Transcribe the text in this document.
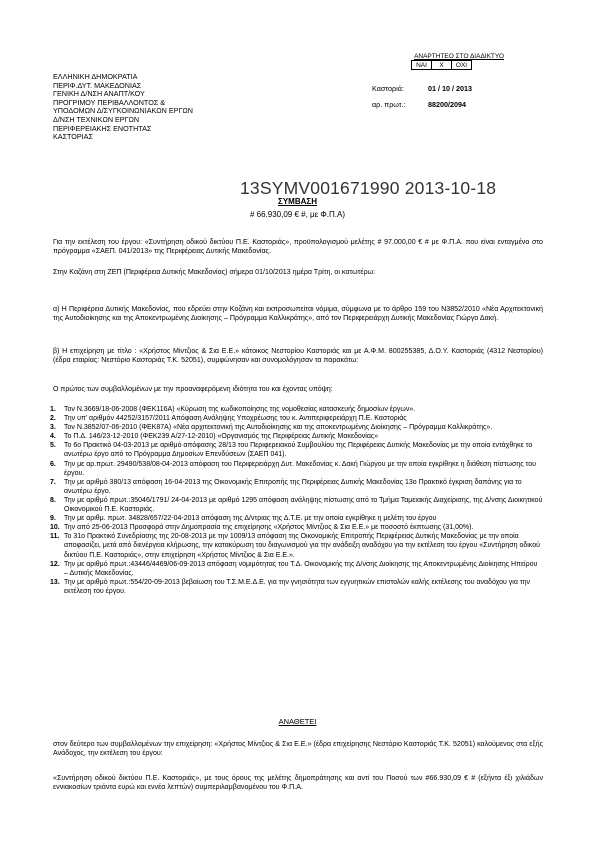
ΑΝΑΡΤΗΤΕΟ ΣΤΟ ΔΙΑΔΙΚΤΥΟ
ΝΑΙ	Χ	ΟΧΙ
ΕΛΛΗΝΙΚΗ ΔΗΜΟΚΡΑΤΙΑ
ΠΕΡΙΦ.ΔΥΤ. ΜΑΚΕΔΟΝΙΑΣ
ΓΕΝΙΚΗ Δ/ΝΣΗ ΑΝΑΠΤ/ΚΟΥ
ΠΡΟΓΡΙΜΟΥ ΠΕΡΙΒΑΛΛΟΝΤΟΣ &
ΥΠΟΔΟΜΩΝ Δ/ΣΥΓΚΟΙΝΩΝΙΑΚΩΝ ΕΡΓΩΝ
Δ/ΝΣΗ ΤΕΧΝΙΚΩΝ ΕΡΓΩΝ
ΠΕΡΙΦΕΡΕΙΑΚΗΣ ΕΝΟΤΗΤΑΣ
ΚΑΣΤΟΡΙΑΣ
Καστοριά:	01 / 10 / 2013
αρ. πρωτ.:	88200/2094
13SYMV001671990 2013-10-18
ΣΥΜΒΑΣΗ
# 66.930,09 € #, με Φ.Π.Α)
Για την εκτέλεση του έργου: «Συντήρηση οδικού δικτύου Π.Ε. Καστοριάς», προϋπολογισμού μελέτης # 97.000,00 € # με Φ.Π.Α. που είναι ενταγμένο στο πρόγραμμα «ΣΑΕΠ. 041/2013» της Περιφέρειας Δυτικής Μακεδονίας.
Στην Καζάνη στη ΖΕΠ (Περιφέρεια Δυτικής Μακεδονίας) σήμερα 01/10/2013 ημέρα Τρίτη, οι κατωτέρω:
α) Η Περιφέρεια Δυτικής Μακεδονίας, που εδρεύει στην Κοζάνη και εκπροσωπείται νόμιμα, σύμφωνα με το άρθρο 159 του Ν3852/2010 «Νέα Αρχιτεκτονική της Αυτοδιοίκησης και της Αποκεντρωμένης Διοίκησης – Πρόγραμμα Καλλικράτης», από τον Περιφερειάρχη Δυτικής Μακεδονίας Γιώργο Δακή.
β) Η επιχείρηση με τίτλο : «Χρήστος Μίντζιος & Σια Ε.Ε.» κάτοικος Νεστορίου Καστοριάς και με Α.Φ.Μ. 800255385, Δ.Ο.Υ. Καστοριάς (4312 Νεστορίου) (έδρα εταιρίας: Νεστόριο Καστοριάς Τ.Κ. 52051), συμφώνησαν και συνομολόγησαν τα παρακάτω:
Ο πρώτος των συμβαλλομένων με την προαναφερόμενη ιδιότητα του και έχοντας υπόψη:
1.	Τον Ν.3669/18-06-2008 (ΦΕΚ116Α) «Κύρωση της κωδικοποίησης της νομοθεσίας κατασκευής δημοσίων έργων».
2.	Την υπ' αριθμόν 44252/3157/2011 Απόφαση Ανάληψης Υποχρέωσης του κ. Αντιπεριφερειάρχη Π.Ε. Καστοριάς
3.	Τον Ν.3852/07-06-2010 (ΦΕΚ87Α) «Νέα αρχιτεκτονική της Αυτοδιοίκησης και της αποκεντρωμένης Διοίκησης – Πρόγραμμα Καλλικράτης».
4.	Το Π.Δ. 146/23-12-2010 (ΦΕΚ239 Α/27-12-2010) «Οργανισμός της Περιφέρειας Δυτικής Μακεδονίας»
5.	Το 6ο Πρακτικό 04-03-2013 με αριθμό απόφασης 28/13 του Περιφερειακού Συμβουλίου της Περιφέρειας Δυτικής Μακεδονίας με την οποία εντάχθηκε το ανωτέρω έργο από το Πρόγραμμα Δημοσίων Επενδύσεων (ΣΑΕΠ 041).
6.	Την με αρ.πρωτ. 29490/538/08-04-2013 απόφαση του Περιφερειάρχη Δυτ. Μακεδονίας κ. Δακή Γιώργου με την οποία εγκρίθηκε η διάθεση πίστωσης του έργου.
7.	Την με αριθμό 380/13 απόφαση 16-04-2013 της Οικονομικής Επιτροπής της Περιφέρειας Δυτικής Μακεδονίας 13ο Πρακτικό έγκριση δαπάνης για το ανωτέρω έργο.
8.	Την με αριθμό πρωτ.:35046/1791/ 24-04-2013 με αριθμό 1295 απόφαση ανάληψης πίστωσης από το Τμήμα Ταμειακής Διαχείρισης, της Δ/νσης Διοικητικού Οικονομικού Π.Ε. Καστοριάς.
9.	Την με αριθμ. πρωτ. 34828/657/22-04-2013 απόφαση της Δ/ντριας της Δ.Τ.Ε. με την οποία εγκρίθηκε η μελέτη του έργου
10. Την από 25-06-2013 Προσφορά στην Δημοπρασία της επιχείρησης «Χρήστος Μίντζιος & Σια Ε.Ε.» με ποσοστό έκπτωσης (31,00%).
11. Το 31ο Πρακτικό Συνεδρίασης της 20-08-2013 με την 1009/13 απόφαση της Οικονομικής Επιτροπής Περιφέρειας Δυτικής Μακεδονίας με την οποία αποφασίζει, μετά από διενέργεια κλήρωσης, την κατακύρωση του διαγωνισμού για την ανάδειξη αναδόχου για την εκτέλεση του έργου «Συντήρηση οδικού δικτύου Π.Ε. Καστοριάς», στην επιχείρηση «Χρήστος Μίντζιος & Σια Ε.Ε.».
12. Την με αριθμό πρωτ.:43446/4469/06-09-2013 απόφαση νομιμότητας του Τ.Δ. Οικονομικής της Δ/νσης Διοίκησης της Αποκεντρωμένης Διοίκησης Ηπείρου – Δυτικής Μακεδονίας.
13. Την με αριθμό πρωτ.:554/20-09-2013 βεβαίωση του Τ.Σ.Μ.Ε.Δ.Ε. για την γνησιότητα των εγγυητικών επιστολών καλής εκτέλεσης του αναδόχου για την εκτέλεση του έργου.
ΑΝΑΘΕΤΕΙ
στον δεύτερο των συμβαλλομένων την επιχείρηση: «Χρήστος Μίντζιος & Σια Ε.Ε.» (έδρα επιχείρησης Νεστόριο Καστοριάς Τ.Κ. 52051) καλούμενος στα εξής Ανάδοχος, την εκτέλεση του έργου:
«Συντήρηση οδικού δικτύου Π.Ε. Καστοριάς», με τους όρους της μελέτης δημοπράτησης και αντί του Ποσού των #66.930,09 € # (εξήντα έξι χιλιάδων εννιακοσίων τριάντα ευρώ και εννέα λεπτών) συμπεριλαμβανομένου του Φ.Π.Α.
